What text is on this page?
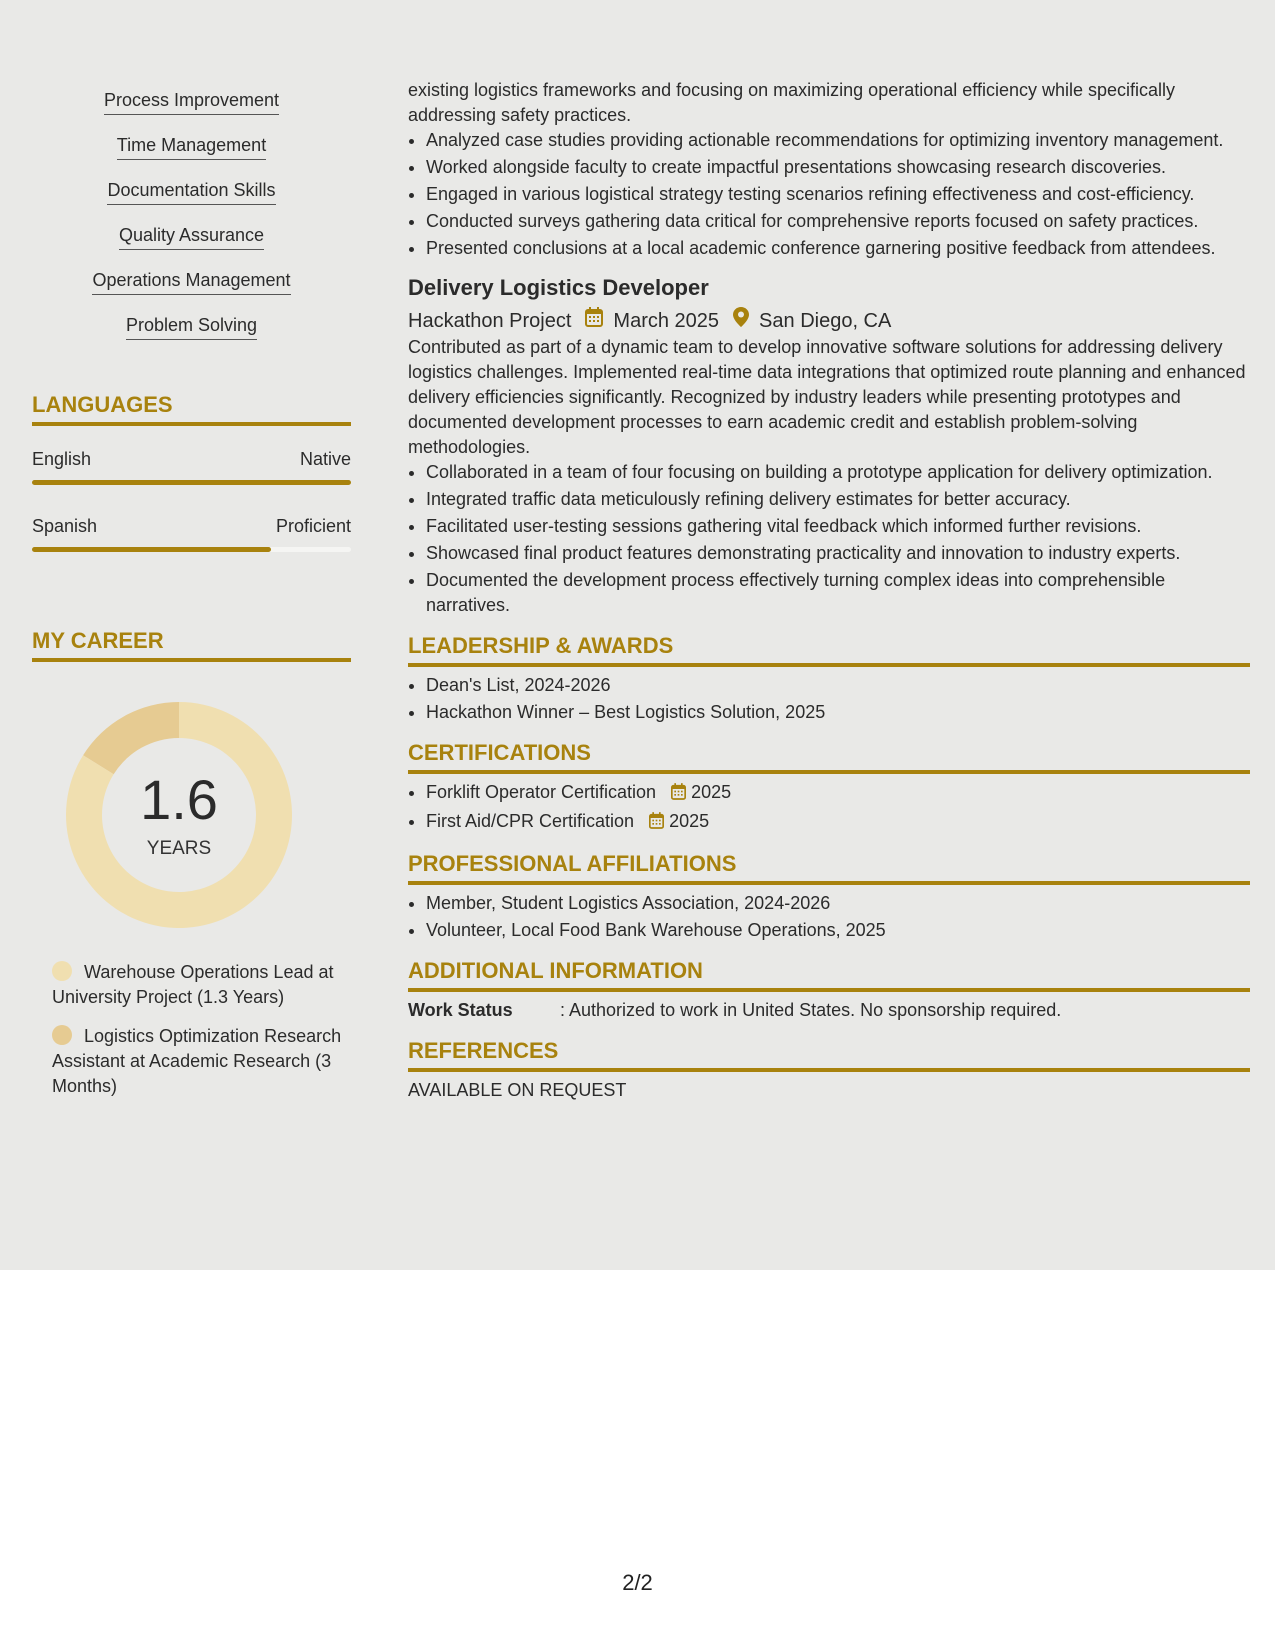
Process Improvement
Time Management
Documentation Skills
Quality Assurance
Operations Management
Problem Solving
LANGUAGES
English	Native
Spanish	Proficient
MY CAREER
1.6
YEARS
Warehouse Operations Lead at University Project (1.3 Years)
Logistics Optimization Research Assistant at Academic Research (3 Months)

existing logistics frameworks and focusing on maximizing operational efficiency while specifically addressing safety practices.

• Analyzed case studies providing actionable recommendations for optimizing inventory management.
• Worked alongside faculty to create impactful presentations showcasing research discoveries.
• Engaged in various logistical strategy testing scenarios refining effectiveness and cost-efficiency.
• Conducted surveys gathering data critical for comprehensive reports focused on safety practices.
• Presented conclusions at a local academic conference garnering positive feedback from attendees.
Delivery Logistics Developer
Hackathon Project March 2025 San Diego, CA

Contributed as part of a dynamic team to develop innovative software solutions for addressing delivery logistics challenges. Implemented real-time data integrations that optimized route planning and enhanced delivery efficiencies significantly. Recognized by industry leaders while presenting prototypes and documented development processes to earn academic credit and establish problem-solving methodologies.

• Collaborated in a team of four focusing on building a prototype application for delivery optimization.
• Integrated traffic data meticulously refining delivery estimates for better accuracy.
• Facilitated user-testing sessions gathering vital feedback which informed further revisions.
• Showcased final product features demonstrating practicality and innovation to industry experts.
• Documented the development process effectively turning complex ideas into comprehensible narratives.
LEADERSHIP & AWARDS
• Dean's List, 2024-2026
• Hackathon Winner – Best Logistics Solution, 2025
CERTIFICATIONS
• Forklift Operator Certification 2025
• First Aid/CPR Certification 2025
PROFESSIONAL AFFILIATIONS
• Member, Student Logistics Association, 2024-2026
• Volunteer, Local Food Bank Warehouse Operations, 2025
ADDITIONAL INFORMATION
Work Status	: Authorized to work in United States. No sponsorship required.
REFERENCES

AVAILABLE ON REQUEST

2/2
